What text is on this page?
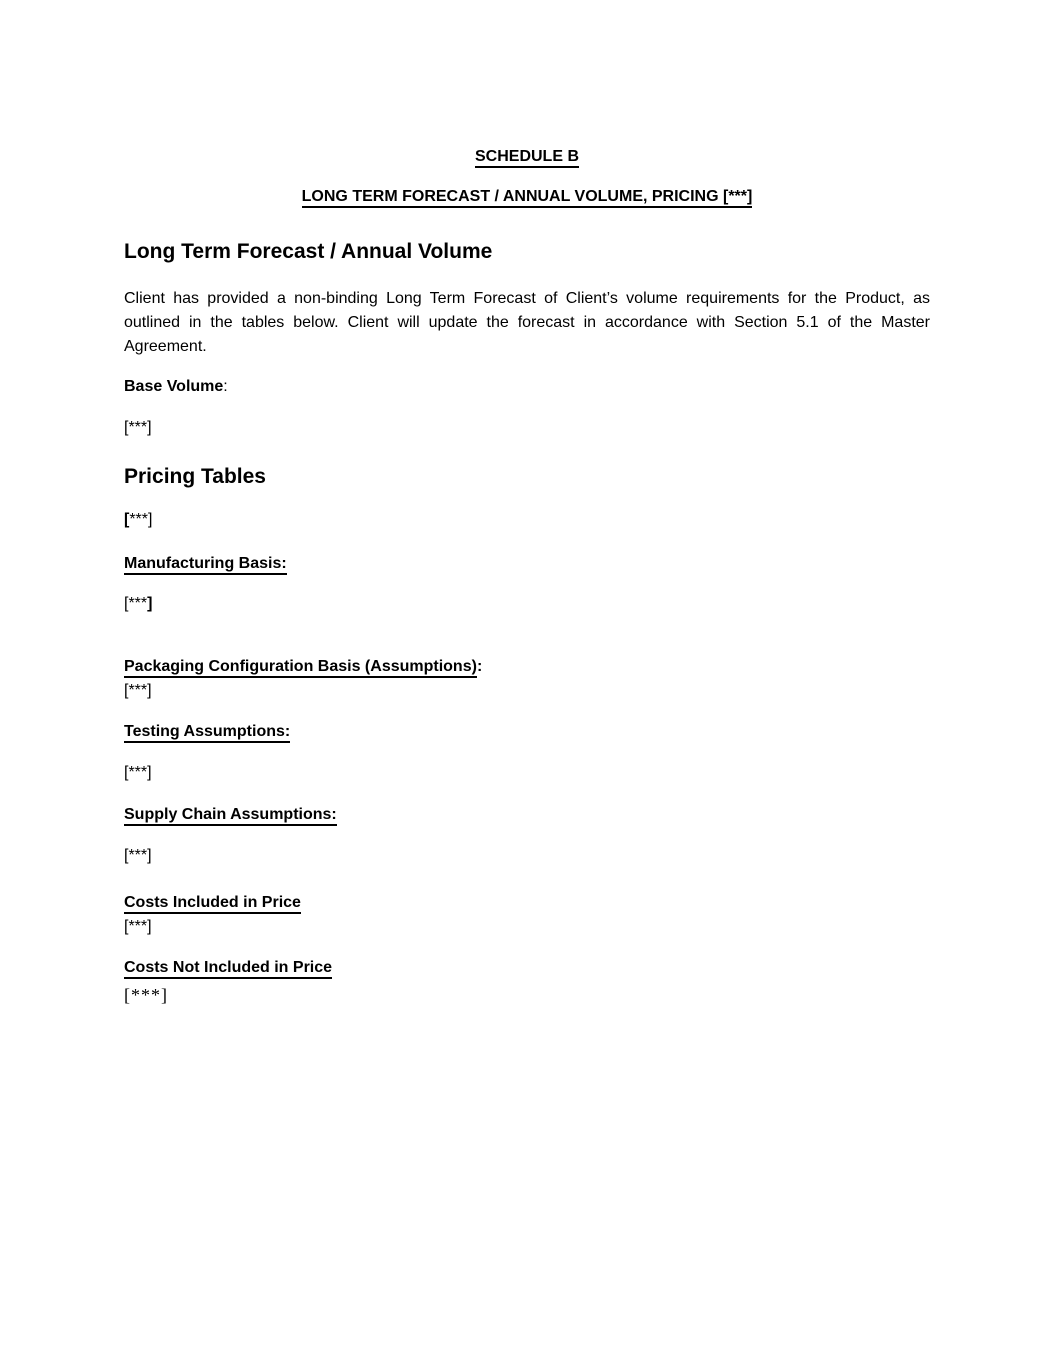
SCHEDULE B

LONG TERM FORECAST / ANNUAL VOLUME, PRICING [***]

Long Term Forecast / Annual Volume

Client has provided a non-binding Long Term Forecast of Client’s volume requirements for the Product, as outlined in the tables below. Client will update the forecast in accordance with Section 5.1 of the Master Agreement.

Base Volume:

[***]

Pricing Tables

[***]

Manufacturing Basis:

[***]

Packaging Configuration Basis (Assumptions):

[***]

Testing Assumptions:

[***]

Supply Chain Assumptions:

[***]

Costs Included in Price

[***]

Costs Not Included in Price

[***]
